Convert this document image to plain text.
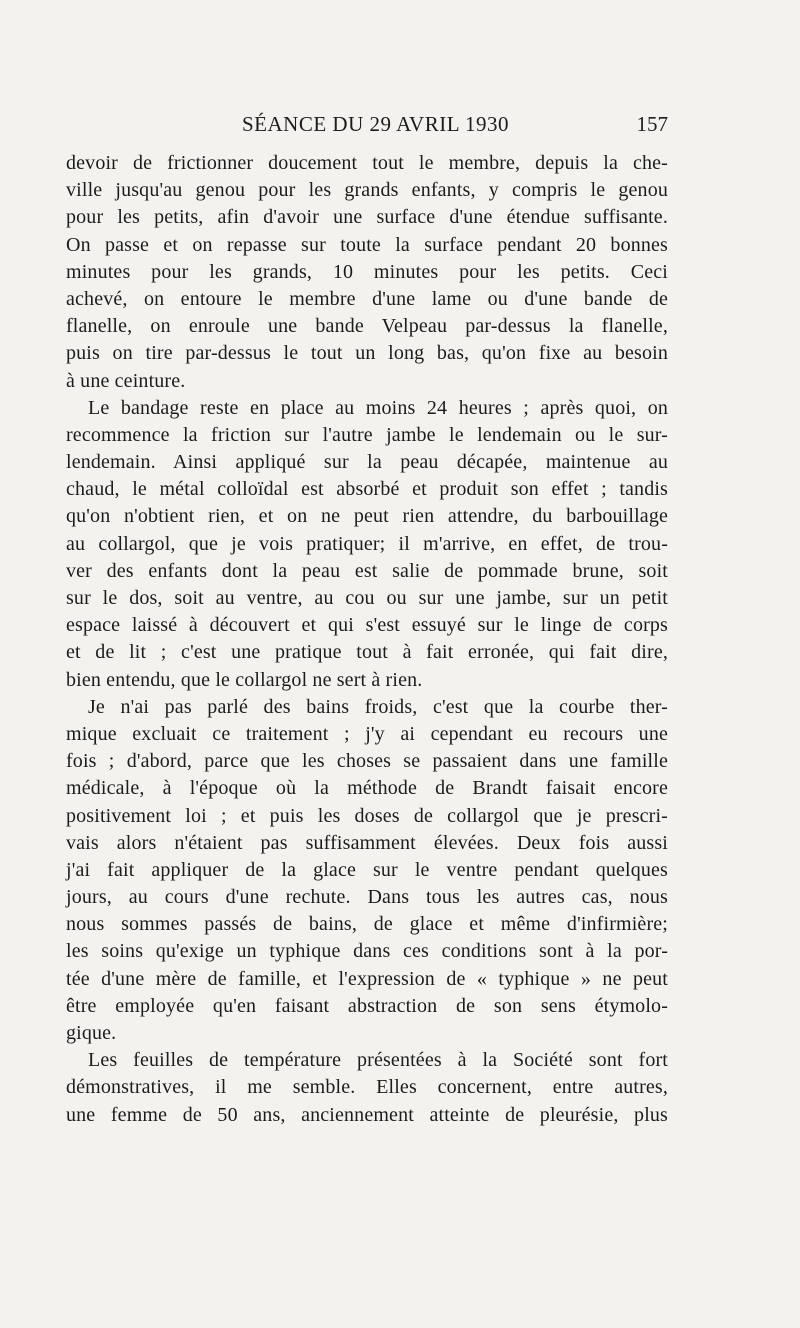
SÉANCE DU 29 AVRIL 1930	157
devoir de frictionner doucement tout le membre, depuis la che-
ville jusqu'au genou pour les grands enfants, y compris le genou
pour les petits, afin d'avoir une surface d'une étendue suffisante.
On passe et on repasse sur toute la surface pendant 20 bonnes
minutes pour les grands, 10 minutes pour les petits. Ceci
achevé, on entoure le membre d'une lame ou d'une bande de
flanelle, on enroule une bande Velpeau par-dessus la flanelle,
puis on tire par-dessus le tout un long bas, qu'on fixe au besoin
à une ceinture.
Le bandage reste en place au moins 24 heures ; après quoi, on
recommence la friction sur l'autre jambe le lendemain ou le sur-
lendemain. Ainsi appliqué sur la peau décapée, maintenue au
chaud, le métal colloïdal est absorbé et produit son effet ; tandis
qu'on n'obtient rien, et on ne peut rien attendre, du barbouillage
au collargol, que je vois pratiquer; il m'arrive, en effet, de trou-
ver des enfants dont la peau est salie de pommade brune, soit
sur le dos, soit au ventre, au cou ou sur une jambe, sur un petit
espace laissé à découvert et qui s'est essuyé sur le linge de corps
et de lit ; c'est une pratique tout à fait erronée, qui fait dire,
bien entendu, que le collargol ne sert à rien.
Je n'ai pas parlé des bains froids, c'est que la courbe ther-
mique excluait ce traitement ; j'y ai cependant eu recours une
fois ; d'abord, parce que les choses se passaient dans une famille
médicale, à l'époque où la méthode de Brandt faisait encore
positivement loi ; et puis les doses de collargol que je prescri-
vais alors n'étaient pas suffisamment élevées. Deux fois aussi
j'ai fait appliquer de la glace sur le ventre pendant quelques
jours, au cours d'une rechute. Dans tous les autres cas, nous
nous sommes passés de bains, de glace et même d'infirmière;
les soins qu'exige un typhique dans ces conditions sont à la por-
tée d'une mère de famille, et l'expression de « typhique » ne peut
être employée qu'en faisant abstraction de son sens étymolo-
gique.
Les feuilles de température présentées à la Société sont fort
démonstratives, il me semble. Elles concernent, entre autres,
une femme de 50 ans, anciennement atteinte de pleurésie, plus
